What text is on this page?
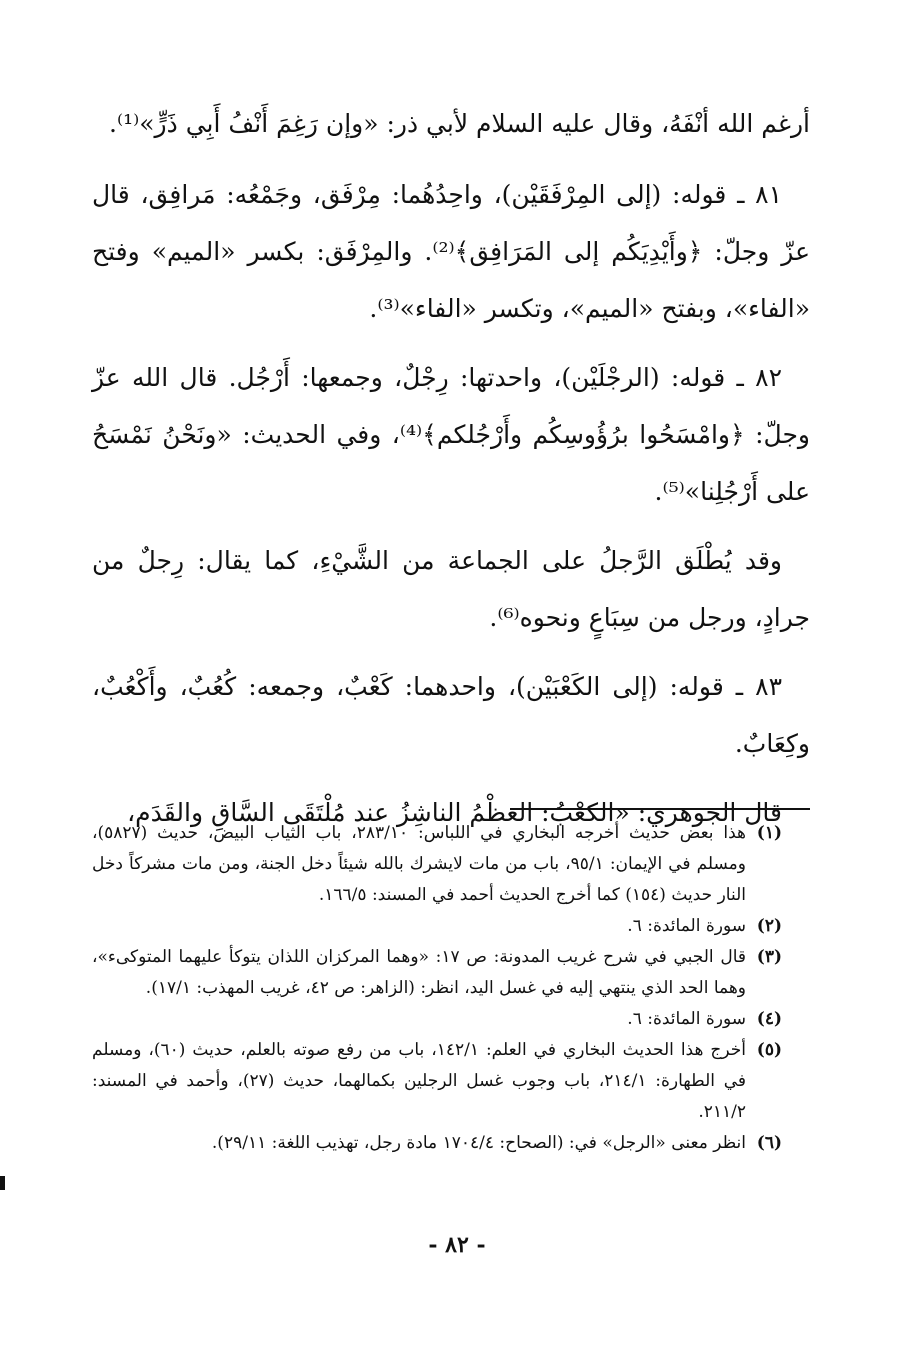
أرغم الله أنْفَهُ، وقال عليه السلام لأبي ذر: «وإن رَغِمَ أَنْفُ أَبِي ذَرٍّ»⁽¹⁾.

٨١ ـ قوله: (إلى المِرْفَقَيْن)، واحِدُهُما: مِرْفَق، وجَمْعُه: مَرافِق، قال عزّ وجلّ: ﴿وأَيْدِيَكُم إلى المَرَافِق﴾⁽²⁾. والمِرْفَق: بكسر «الميم» وفتح «الفاء»، وبفتح «الميم»، وتكسر «الفاء»⁽³⁾.

٨٢ ـ قوله: (الرجْلَيْن)، واحدتها: رِجْلٌ، وجمعها: أَرْجُل. قال الله عزّ وجلّ: ﴿وامْسَحُوا برُؤُوسِكُم وأَرْجُلكم﴾⁽⁴⁾، وفي الحديث: «ونَحْنُ نَمْسَحُ على أَرْجُلِنا»⁽⁵⁾.

وقد يُطْلَق الرَّجلُ على الجماعة من الشَّيْءِ، كما يقال: رِجلٌ من جرادٍ، ورجل من سِبَاعٍ ونحوه⁽⁶⁾.

٨٣ ـ قوله: (إلى الكَعْبَيْن)، واحدهما: كَعْبٌ، وجمعه: كُعُبٌ، وأَكْعُبٌ، وكِعَابٌ.

قال الجوهري: «الكعْبُ: العظْمُ الناشِزُ عند مُلْتَقَى السَّاقِ والقَدَم،

(١)
هذا بعض حديث أخرجه البخاري في اللباس: ٢٨٣/١٠، باب الثياب البيض، حديث (٥٨٢٧)، ومسلم في الإيمان: ٩٥/١، باب من مات لايشرك بالله شيئاً دخل الجنة، ومن مات مشركاً دخل النار حديث (١٥٤) كما أخرج الحديث أحمد في المسند: ١٦٦/٥.
(٢)
سورة المائدة: ٦.
(٣)
قال الجبي في شرح غريب المدونة: ص ١٧: «وهما المركزان اللذان يتوكأ عليهما المتوكىء»، وهما الحد الذي ينتهي إليه في غسل اليد، انظر: (الزاهر: ص ٤٢، غريب المهذب: ١٧/١).
(٤)
سورة المائدة: ٦.
(٥)
أخرج هذا الحديث البخاري في العلم: ١٤٢/١، باب من رفع صوته بالعلم، حديث (٦٠)، ومسلم في الطهارة: ٢١٤/١، باب وجوب غسل الرجلين بكمالهما، حديث (٢٧)، وأحمد في المسند: ٢١١/٢.
(٦)
انظر معنى «الرجل» في: (الصحاح: ١٧٠٤/٤ مادة رجل، تهذيب اللغة: ٢٩/١١).
- ٨٢ -
